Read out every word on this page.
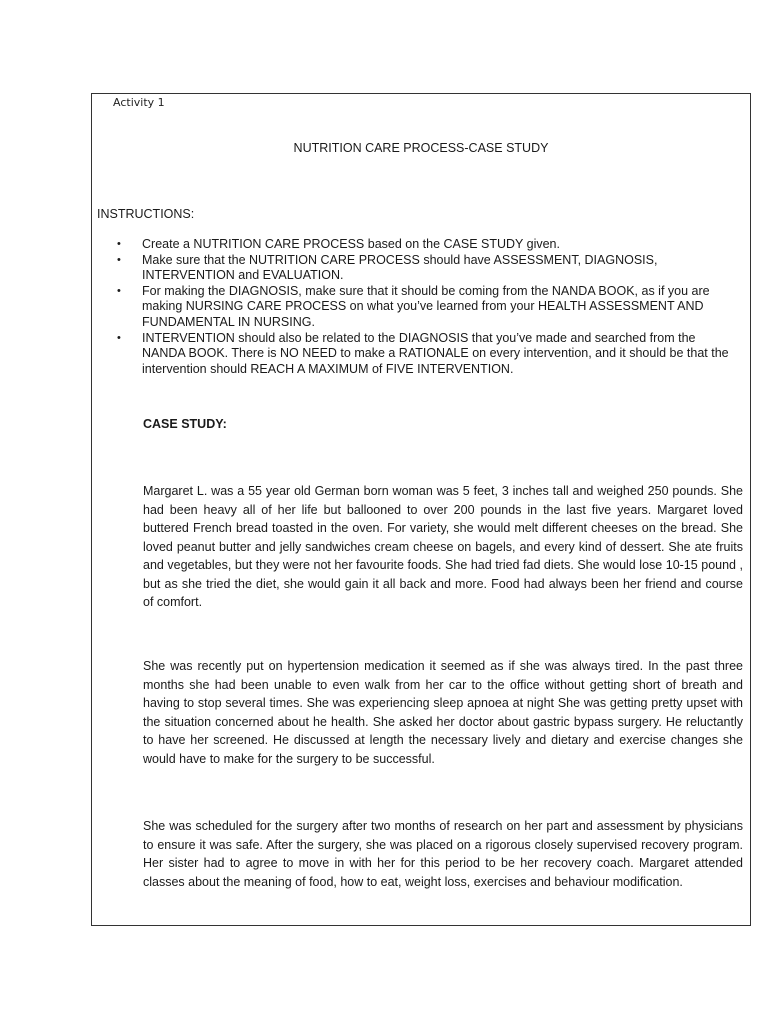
Activity 1
NUTRITION CARE PROCESS-CASE STUDY
INSTRUCTIONS:
• Create a NUTRITION CARE PROCESS based on the CASE STUDY given.
• Make sure that the NUTRITION CARE PROCESS should have ASSESSMENT, DIAGNOSIS, INTERVENTION and EVALUATION.
• For making the DIAGNOSIS, make sure that it should be coming from the NANDA BOOK, as if you are making NURSING CARE PROCESS on what you’ve learned from your HEALTH ASSESSMENT AND FUNDAMENTAL IN NURSING.
• INTERVENTION should also be related to the DIAGNOSIS that you’ve made and searched from the NANDA BOOK. There is NO NEED to make a RATIONALE on every intervention, and it should be that the intervention should REACH A MAXIMUM of FIVE INTERVENTION.
CASE STUDY:

Margaret L. was a 55 year old German born woman was 5 feet, 3 inches tall and weighed 250 pounds. She had been heavy all of her life but ballooned to over 200 pounds in the last five years. Margaret loved buttered French bread toasted in the oven. For variety, she would melt different cheeses on the bread. She loved peanut butter and jelly sandwiches cream cheese on bagels, and every kind of dessert. She ate fruits and vegetables, but they were not her favourite foods. She had tried fad diets. She would lose 10-15 pound , but as she tried the diet, she would gain it all back and more. Food had always been her friend and course of comfort.

She was recently put on hypertension medication it seemed as if she was always tired. In the past three months she had been unable to even walk from her car to the office without getting short of breath and having to stop several times. She was experiencing sleep apnoea at night She was getting pretty upset with the situation concerned about he health. She asked her doctor about gastric bypass surgery. He reluctantly to have her screened. He discussed at length the necessary lively and dietary and exercise changes she would have to make for the surgery to be successful.

She was scheduled for the surgery after two months of research on her part and assessment by physicians to ensure it was safe. After the surgery, she was placed on a rigorous closely supervised recovery program. Her sister had to agree to move in with her for this period to be her recovery coach. Margaret attended classes about the meaning of food, how to eat, weight loss, exercises and behaviour modification.
